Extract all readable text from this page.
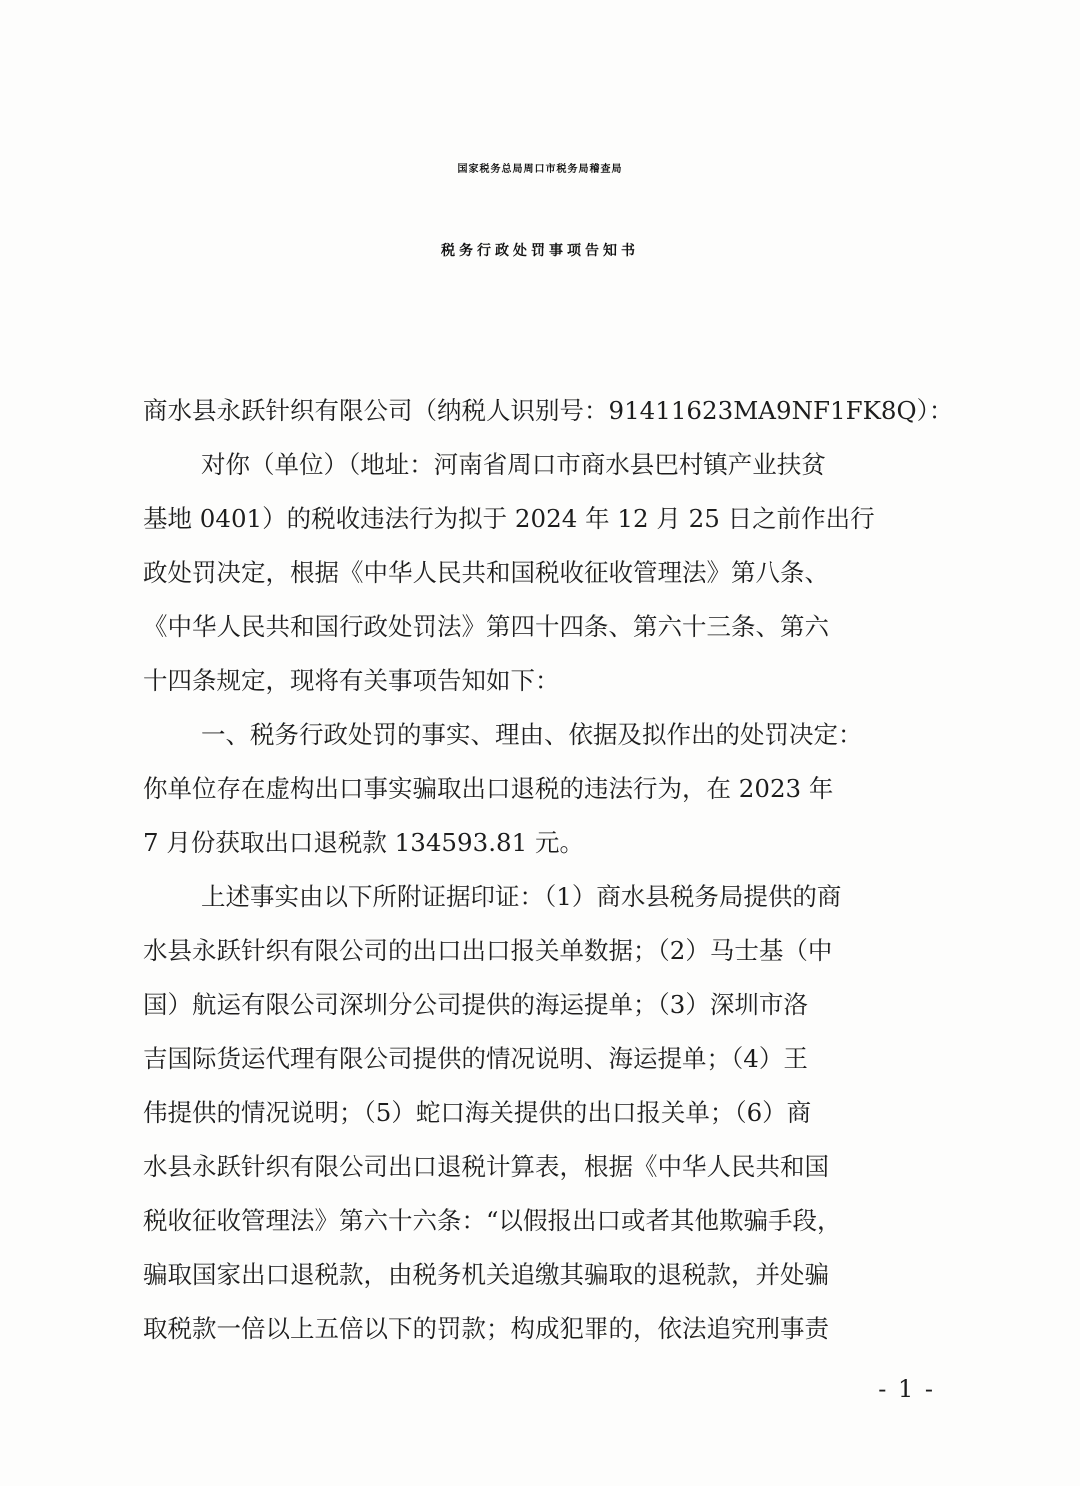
国家税务总局周口市税务局稽查局
税务行政处罚事项告知书
商水县永跃针织有限公司（纳税人识别号：91411623MA9NF1FK8Q）：
对你（单位）（地址：河南省周口市商水县巴村镇产业扶贫
基地 0401）的税收违法行为拟于 2024 年 12 月 25 日之前作出行
政处罚决定，根据《中华人民共和国税收征收管理法》第八条、
《中华人民共和国行政处罚法》第四十四条、第六十三条、第六
十四条规定，现将有关事项告知如下：
一、税务行政处罚的事实、理由、依据及拟作出的处罚决定：
你单位存在虚构出口事实骗取出口退税的违法行为，在 2023 年
7 月份获取出口退税款 134593.81 元。
上述事实由以下所附证据印证：（1）商水县税务局提供的商
水县永跃针织有限公司的出口出口报关单数据；（2）马士基（中
国）航运有限公司深圳分公司提供的海运提单；（3）深圳市洛
吉国际货运代理有限公司提供的情况说明、海运提单；（4）王
伟提供的情况说明；（5）蛇口海关提供的出口报关单；（6）商
水县永跃针织有限公司出口退税计算表，根据《中华人民共和国
税收征收管理法》第六十六条：“以假报出口或者其他欺骗手段，
骗取国家出口退税款，由税务机关追缴其骗取的退税款，并处骗
取税款一倍以上五倍以下的罚款；构成犯罪的，依法追究刑事责
- 1 -
